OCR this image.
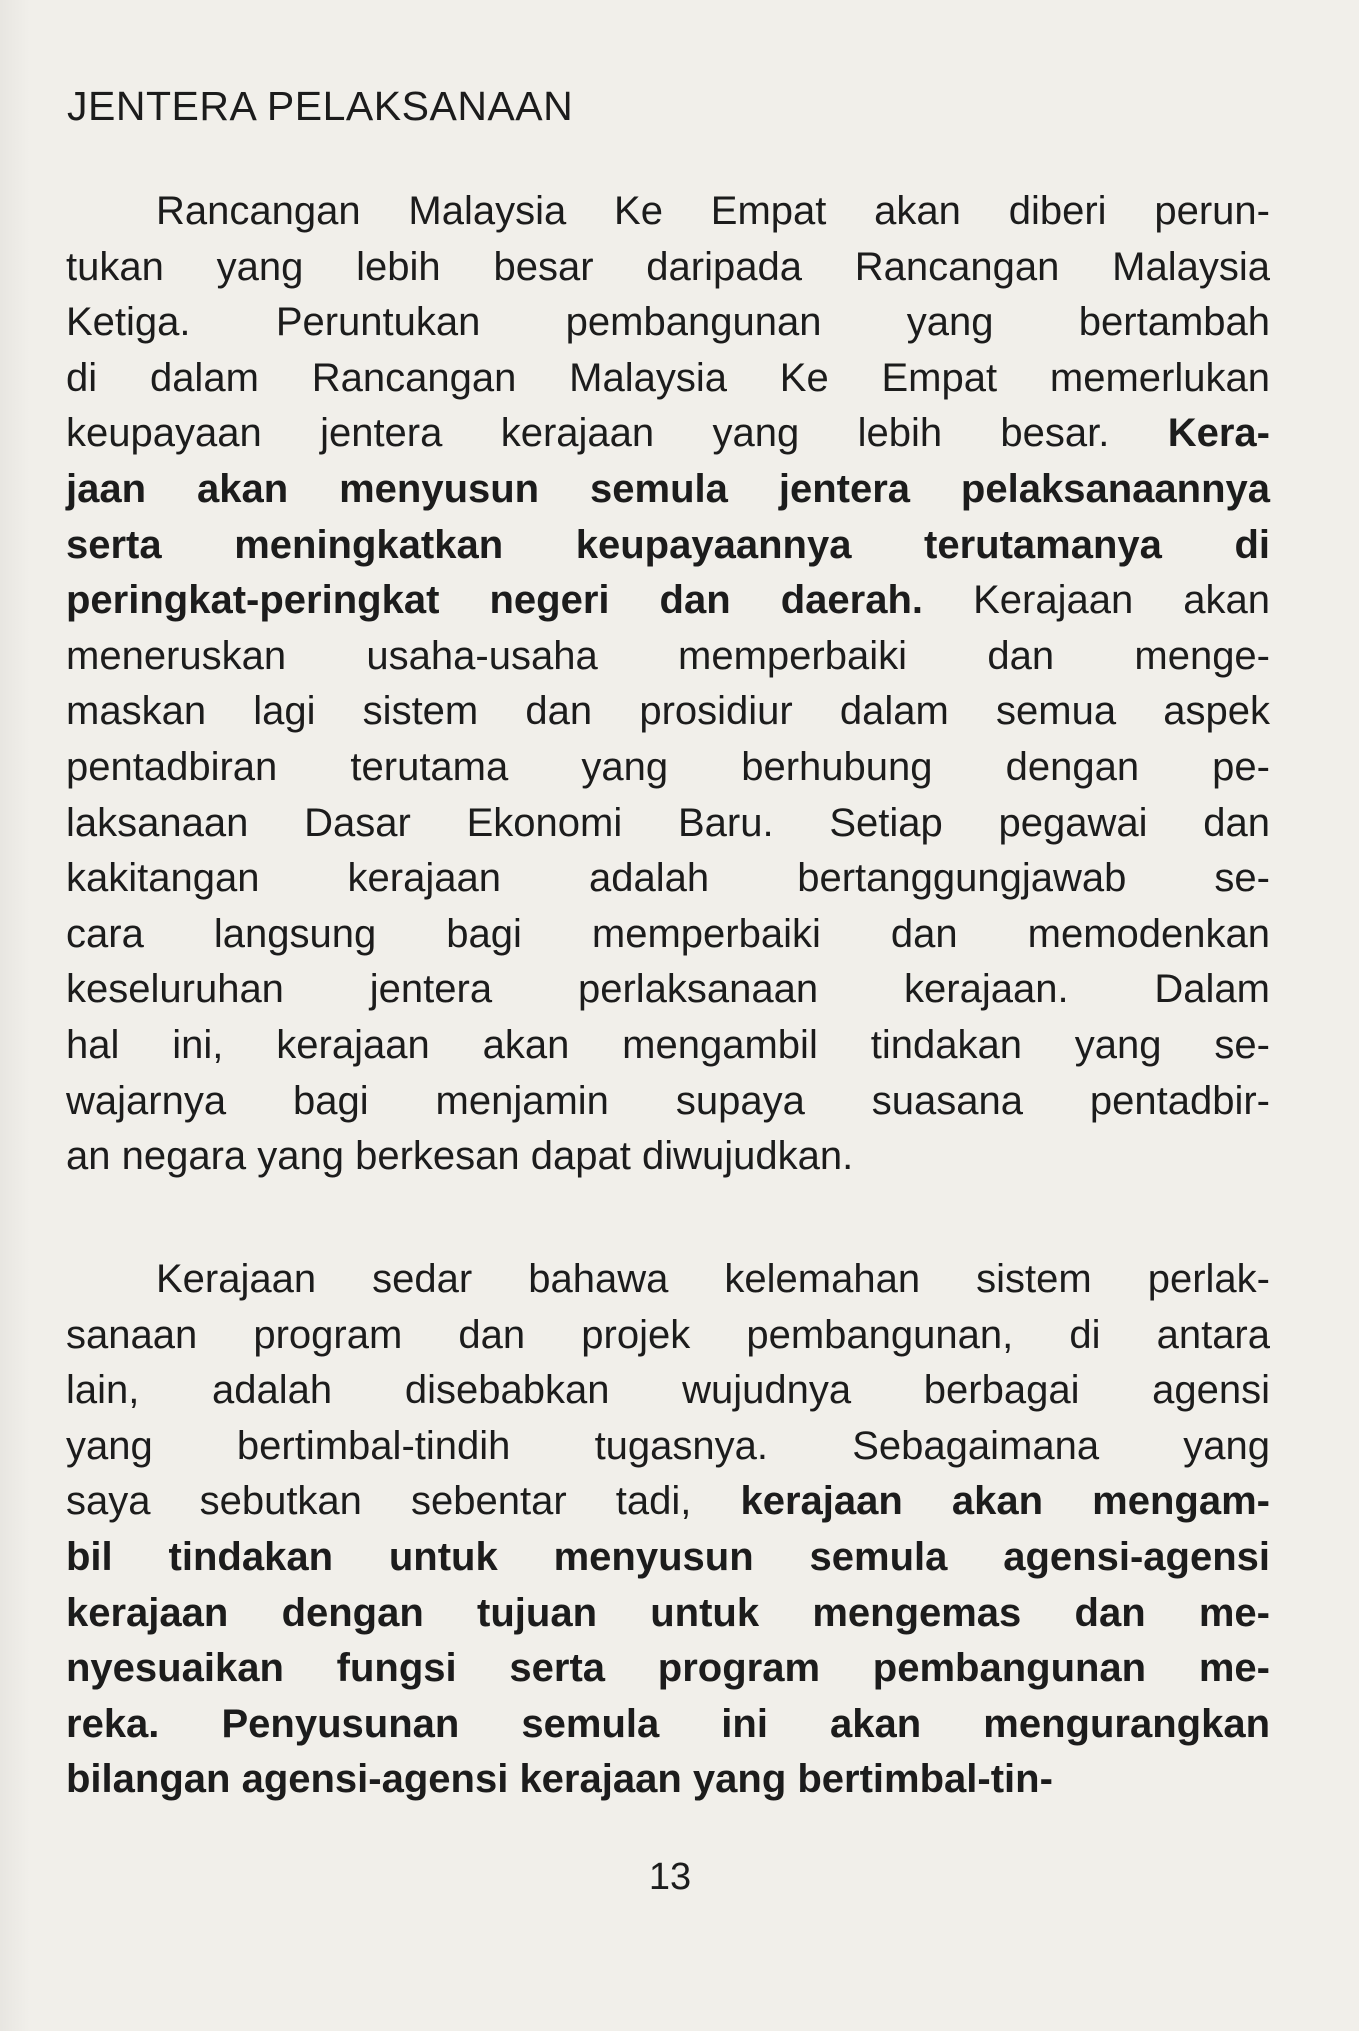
JENTERA PELAKSANAAN
Rancangan Malaysia Ke Empat akan diberi perun-
tukan yang lebih besar daripada Rancangan Malaysia
Ketiga. Peruntukan pembangunan yang bertambah
di dalam Rancangan Malaysia Ke Empat memerlukan
keupayaan jentera kerajaan yang lebih besar. Kera-
jaan akan menyusun semula jentera pelaksanaannya
serta meningkatkan keupayaannya terutamanya di
peringkat-peringkat negeri dan daerah. Kerajaan akan
meneruskan usaha-usaha memperbaiki dan menge-
maskan lagi sistem dan prosidiur dalam semua aspek
pentadbiran terutama yang berhubung dengan pe-
laksanaan Dasar Ekonomi Baru. Setiap pegawai dan
kakitangan kerajaan adalah bertanggungjawab se-
cara langsung bagi memperbaiki dan memodenkan
keseluruhan jentera perlaksanaan kerajaan. Dalam
hal ini, kerajaan akan mengambil tindakan yang se-
wajarnya bagi menjamin supaya suasana pentadbir-
an negara yang berkesan dapat diwujudkan.
Kerajaan sedar bahawa kelemahan sistem perlak-
sanaan program dan projek pembangunan, di antara
lain, adalah disebabkan wujudnya berbagai agensi
yang bertimbal-tindih tugasnya. Sebagaimana yang
saya sebutkan sebentar tadi, kerajaan akan mengam-
bil tindakan untuk menyusun semula agensi-agensi
kerajaan dengan tujuan untuk mengemas dan me-
nyesuaikan fungsi serta program pembangunan me-
reka. Penyusunan semula ini akan mengurangkan
bilangan agensi-agensi kerajaan yang bertimbal-tin-
13
